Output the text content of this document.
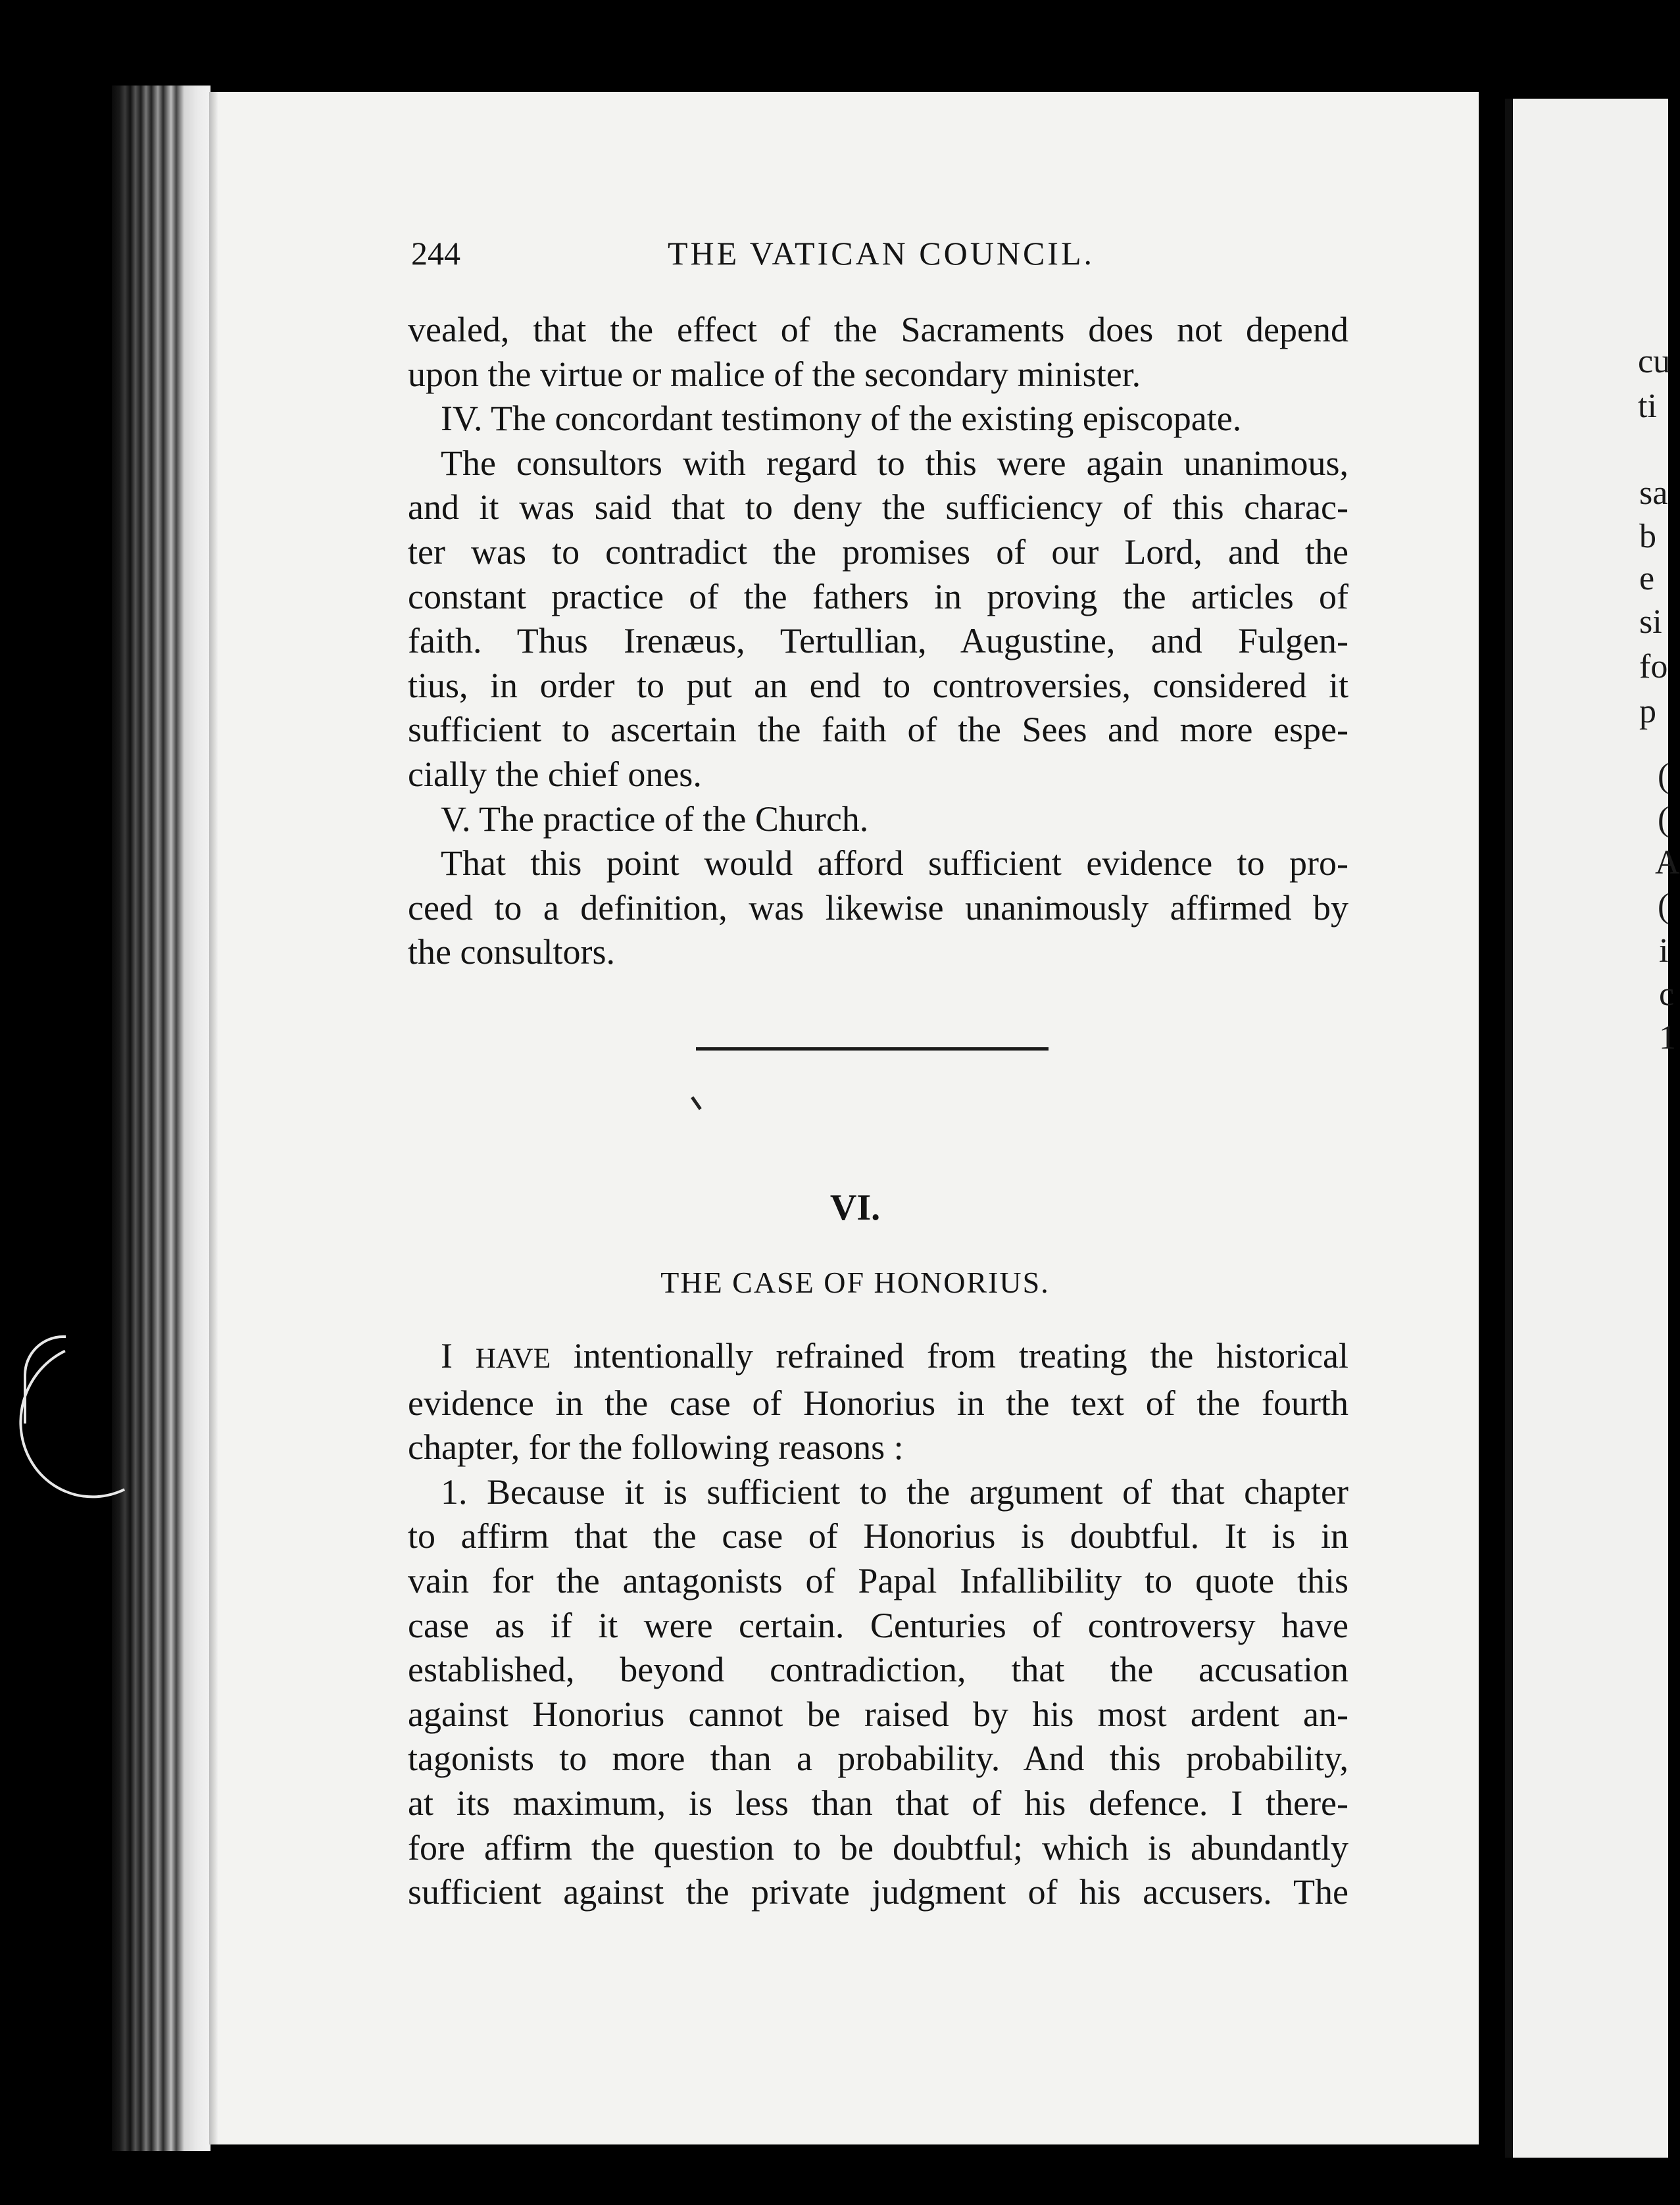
cu
ti
sa
b
e
si
fo
p
(
(
A
(
i
c
1
244	THE VATICAN COUNCIL.

vealed, that the effect of the Sacraments does not depend

upon the virtue or malice of the secondary minister.

IV. The concordant testimony of the existing episcopate.

The consultors with regard to this were again unanimous,

and it was said that to deny the sufficiency of this charac-

ter was to contradict the promises of our Lord, and the

constant practice of the fathers in proving the articles of

faith. Thus Irenæus, Tertullian, Augustine, and Fulgen-

tius, in order to put an end to controversies, considered it

sufficient to ascertain the faith of the Sees and more espe-

cially the chief ones.

V. The practice of the Church.

That this point would afford sufficient evidence to pro-

ceed to a definition, was likewise unanimously affirmed by

the consultors.

VI.
THE CASE OF HONORIUS.

I HAVE intentionally refrained from treating the historical

evidence in the case of Honorius in the text of the fourth

chapter, for the following reasons :

1. Because it is sufficient to the argument of that chapter

to affirm that the case of Honorius is doubtful. It is in

vain for the antagonists of Papal Infallibility to quote this

case as if it were certain. Centuries of controversy have

established, beyond contradiction, that the accusation

against Honorius cannot be raised by his most ardent an-

tagonists to more than a probability. And this probability,

at its maximum, is less than that of his defence. I there-

fore affirm the question to be doubtful; which is abundantly

sufficient against the private judgment of his accusers. The
